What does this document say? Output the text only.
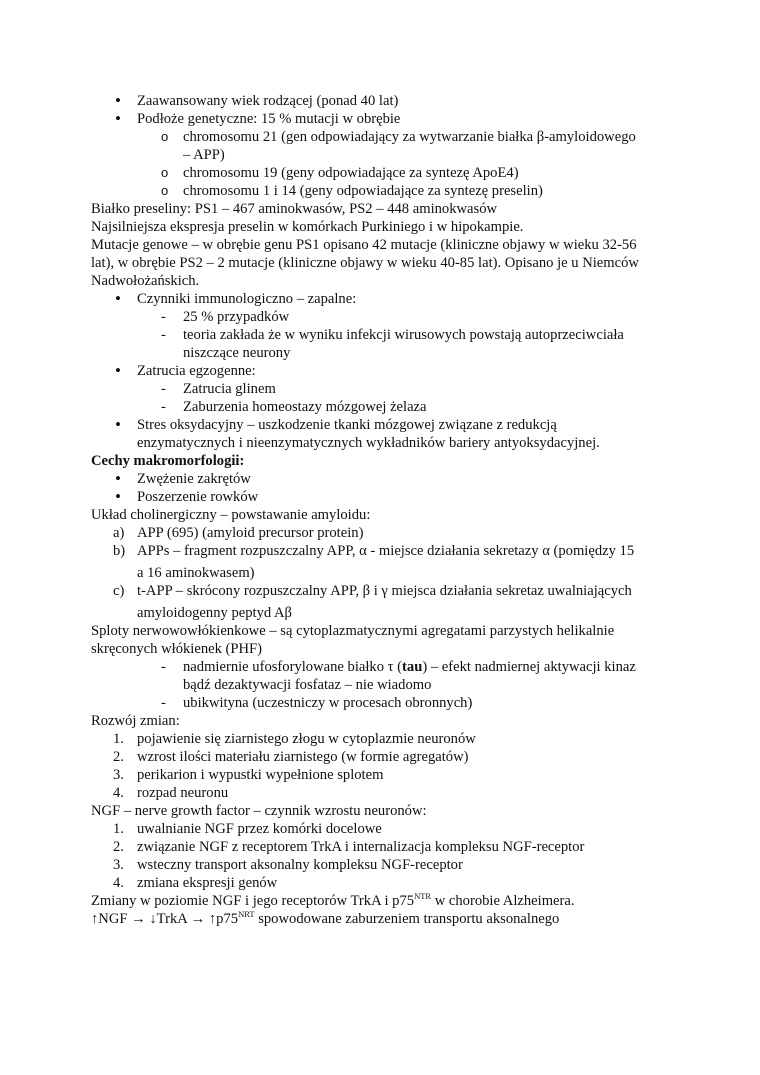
• Zaawansowany wiek rodzącej (ponad 40 lat)
• Podłoże genetyczne: 15 % mutacji w obrębie
o chromosomu 21 (gen odpowiadający za wytwarzanie białka β-amyloidowego
– APP)
o chromosomu 19 (geny odpowiadające za syntezę ApoE4)
o chromosomu 1 i 14 (geny odpowiadające za syntezę preselin)
Białko preseliny: PS1 – 467 aminokwasów, PS2 – 448 aminokwasów
Najsilniejsza ekspresja preselin w komórkach Purkiniego i w hipokampie.
Mutacje genowe – w obrębie genu PS1 opisano 42 mutacje (kliniczne objawy w wieku 32-56
lat), w obrębie PS2 – 2 mutacje (kliniczne objawy w wieku 40-85 lat). Opisano je u Niemców
Nadwołożańskich.
• Czynniki immunologiczno – zapalne:
- 25 % przypadków
- teoria zakłada że w wyniku infekcji wirusowych powstają autoprzeciwciała
niszczące neurony
• Zatrucia egzogenne:
- Zatrucia glinem
- Zaburzenia homeostazy mózgowej żelaza
• Stres oksydacyjny – uszkodzenie tkanki mózgowej związane z redukcją
enzymatycznych i nieenzymatycznych wykładników bariery antyoksydacyjnej.
Cechy makromorfologii:
• Zwężenie zakrętów
• Poszerzenie rowków
Układ cholinergiczny – powstawanie amyloidu:
a) APP (695) (amyloid precursor protein)
b) APPs – fragment rozpuszczalny APP, α - miejsce działania sekretazy α (pomiędzy 15
a 16 aminokwasem)
c) t-APP – skrócony rozpuszczalny APP, β i γ miejsca działania sekretaz uwalniających
amyloidogenny peptyd Aβ
Sploty nerwowowłókienkowe – są cytoplazmatycznymi agregatami parzystych helikalnie
skręconych włókienek (PHF)
- nadmiernie ufosforylowane białko τ (tau) – efekt nadmiernej aktywacji kinaz
bądź dezaktywacji fosfataz – nie wiadomo
- ubikwityna (uczestniczy w procesach obronnych)
Rozwój zmian:
1. pojawienie się ziarnistego złogu w cytoplazmie neuronów
2. wzrost ilości materiału ziarnistego (w formie agregatów)
3. perikarion i wypustki wypełnione splotem
4. rozpad neuronu
NGF – nerve growth factor – czynnik wzrostu neuronów:
1. uwalnianie NGF przez komórki docelowe
2. związanie NGF z receptorem TrkA i internalizacja kompleksu NGF-receptor
3. wsteczny transport aksonalny kompleksu NGF-receptor
4. zmiana ekspresji genów
Zmiany w poziomie NGF i jego receptorów TrkA i $p75^{NTR}$ w chorobie Alzheimera.
↑NGF → ↓TrkA → $↑p75^{NRT}$ spowodowane zaburzeniem transportu aksonalnego
